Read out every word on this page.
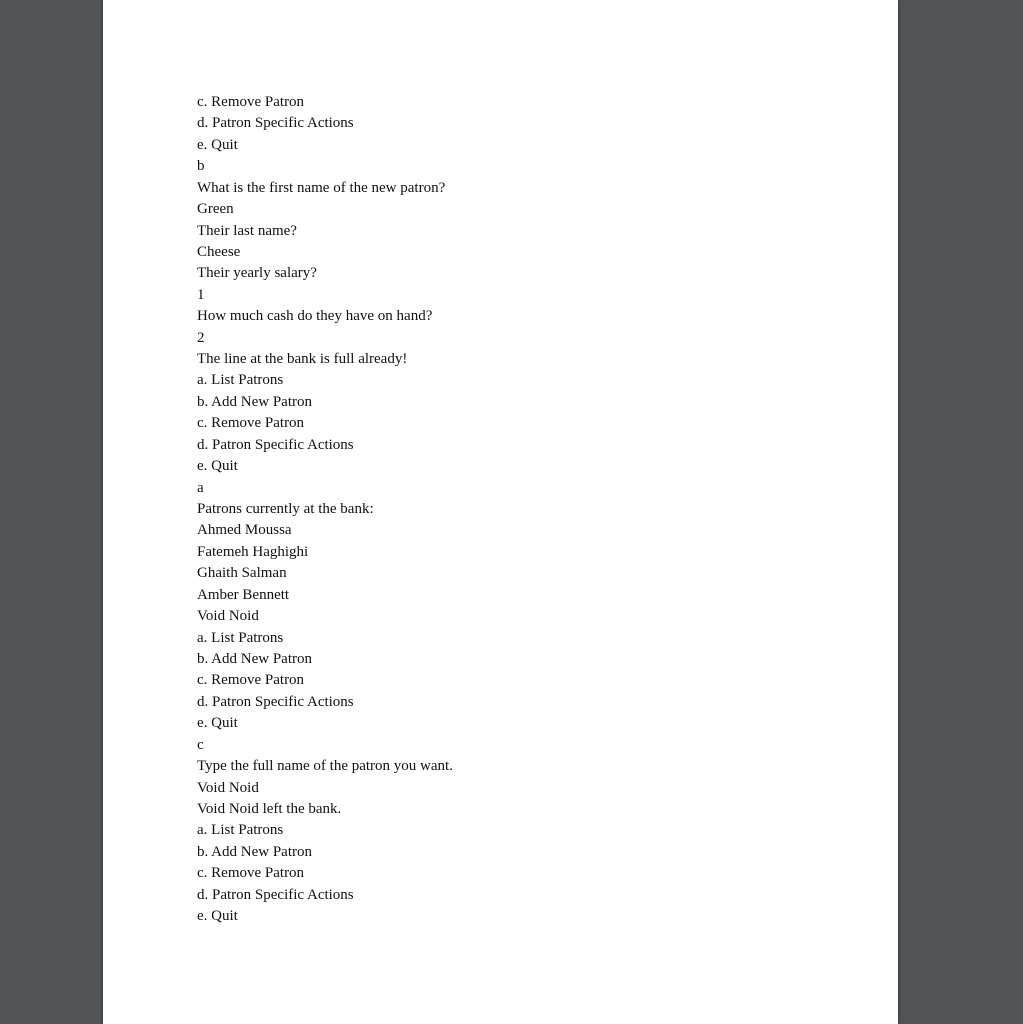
c. Remove Patron

d. Patron Specific Actions

e. Quit

b

What is the first name of the new patron?

Green

Their last name?

Cheese

Their yearly salary?

1

How much cash do they have on hand?

2

The line at the bank is full already!

a. List Patrons

b. Add New Patron

c. Remove Patron

d. Patron Specific Actions

e. Quit

a

Patrons currently at the bank:

Ahmed Moussa

Fatemeh Haghighi

Ghaith Salman

Amber Bennett

Void Noid

a. List Patrons

b. Add New Patron

c. Remove Patron

d. Patron Specific Actions

e. Quit

c

Type the full name of the patron you want.

Void Noid

Void Noid left the bank.

a. List Patrons

b. Add New Patron

c. Remove Patron

d. Patron Specific Actions

e. Quit
